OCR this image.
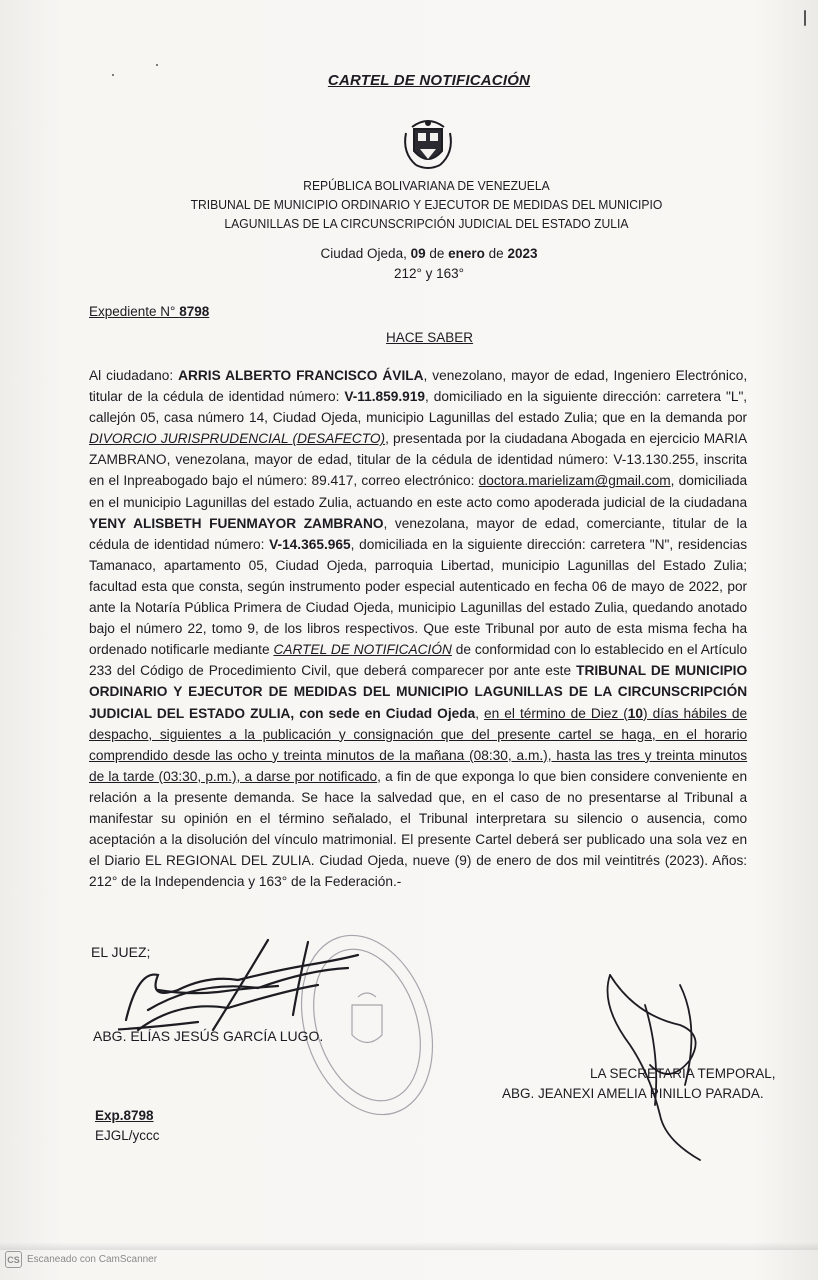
CARTEL DE NOTIFICACIÓN
REPÚBLICA BOLIVARIANA DE VENEZUELA
TRIBUNAL DE MUNICIPIO ORDINARIO Y EJECUTOR DE MEDIDAS DEL MUNICIPIO
LAGUNILLAS DE LA CIRCUNSCRIPCIÓN JUDICIAL DEL ESTADO ZULIA
Ciudad Ojeda, 09 de enero de 2023
212° y 163°
Expediente N° 8798
HACE SABER
Al ciudadano: ARRIS ALBERTO FRANCISCO ÁVILA, venezolano, mayor de edad, Ingeniero Electrónico, titular de la cédula de identidad número: V-11.859.919, domiciliado en la siguiente dirección: carretera "L", callejón 05, casa número 14, Ciudad Ojeda, municipio Lagunillas del estado Zulia; que en la demanda por DIVORCIO JURISPRUDENCIAL (DESAFECTO), presentada por la ciudadana Abogada en ejercicio MARIA ZAMBRANO, venezolana, mayor de edad, titular de la cédula de identidad número: V-13.130.255, inscrita en el Inpreabogado bajo el número: 89.417, correo electrónico: doctora.marielizam@gmail.com, domiciliada en el municipio Lagunillas del estado Zulia, actuando en este acto como apoderada judicial de la ciudadana YENY ALISBETH FUENMAYOR ZAMBRANO, venezolana, mayor de edad, comerciante, titular de la cédula de identidad número: V-14.365.965, domiciliada en la siguiente dirección: carretera "N", residencias Tamanaco, apartamento 05, Ciudad Ojeda, parroquia Libertad, municipio Lagunillas del Estado Zulia; facultad esta que consta, según instrumento poder especial autenticado en fecha 06 de mayo de 2022, por ante la Notaría Pública Primera de Ciudad Ojeda, municipio Lagunillas del estado Zulia, quedando anotado bajo el número 22, tomo 9, de los libros respectivos. Que este Tribunal por auto de esta misma fecha ha ordenado notificarle mediante CARTEL DE NOTIFICACIÓN de conformidad con lo establecido en el Artículo 233 del Código de Procedimiento Civil, que deberá comparecer por ante este TRIBUNAL DE MUNICIPIO ORDINARIO Y EJECUTOR DE MEDIDAS DEL MUNICIPIO LAGUNILLAS DE LA CIRCUNSCRIPCIÓN JUDICIAL DEL ESTADO ZULIA, con sede en Ciudad Ojeda, en el término de Diez (10) días hábiles de despacho, siguientes a la publicación y consignación que del presente cartel se haga, en el horario comprendido desde las ocho y treinta minutos de la mañana (08:30, a.m.), hasta las tres y treinta minutos de la tarde (03:30, p.m.), a darse por notificado, a fin de que exponga lo que bien considere conveniente en relación a la presente demanda. Se hace la salvedad que, en el caso de no presentarse al Tribunal a manifestar su opinión en el término señalado, el Tribunal interpretara su silencio o ausencia, como aceptación a la disolución del vínculo matrimonial. El presente Cartel deberá ser publicado una sola vez en el Diario EL REGIONAL DEL ZULIA. Ciudad Ojeda, nueve (9) de enero de dos mil veintitrés (2023). Años: 212° de la Independencia y 163° de la Federación.-
EL JUEZ;
ABG. ELÍAS JESÚS GARCÍA LUGO.
LA SECRETARIA TEMPORAL,
ABG. JEANEXI AMELIA PINILLO PARADA.
Exp.8798
EJGL/yccc
CS Escaneado con CamScanner
